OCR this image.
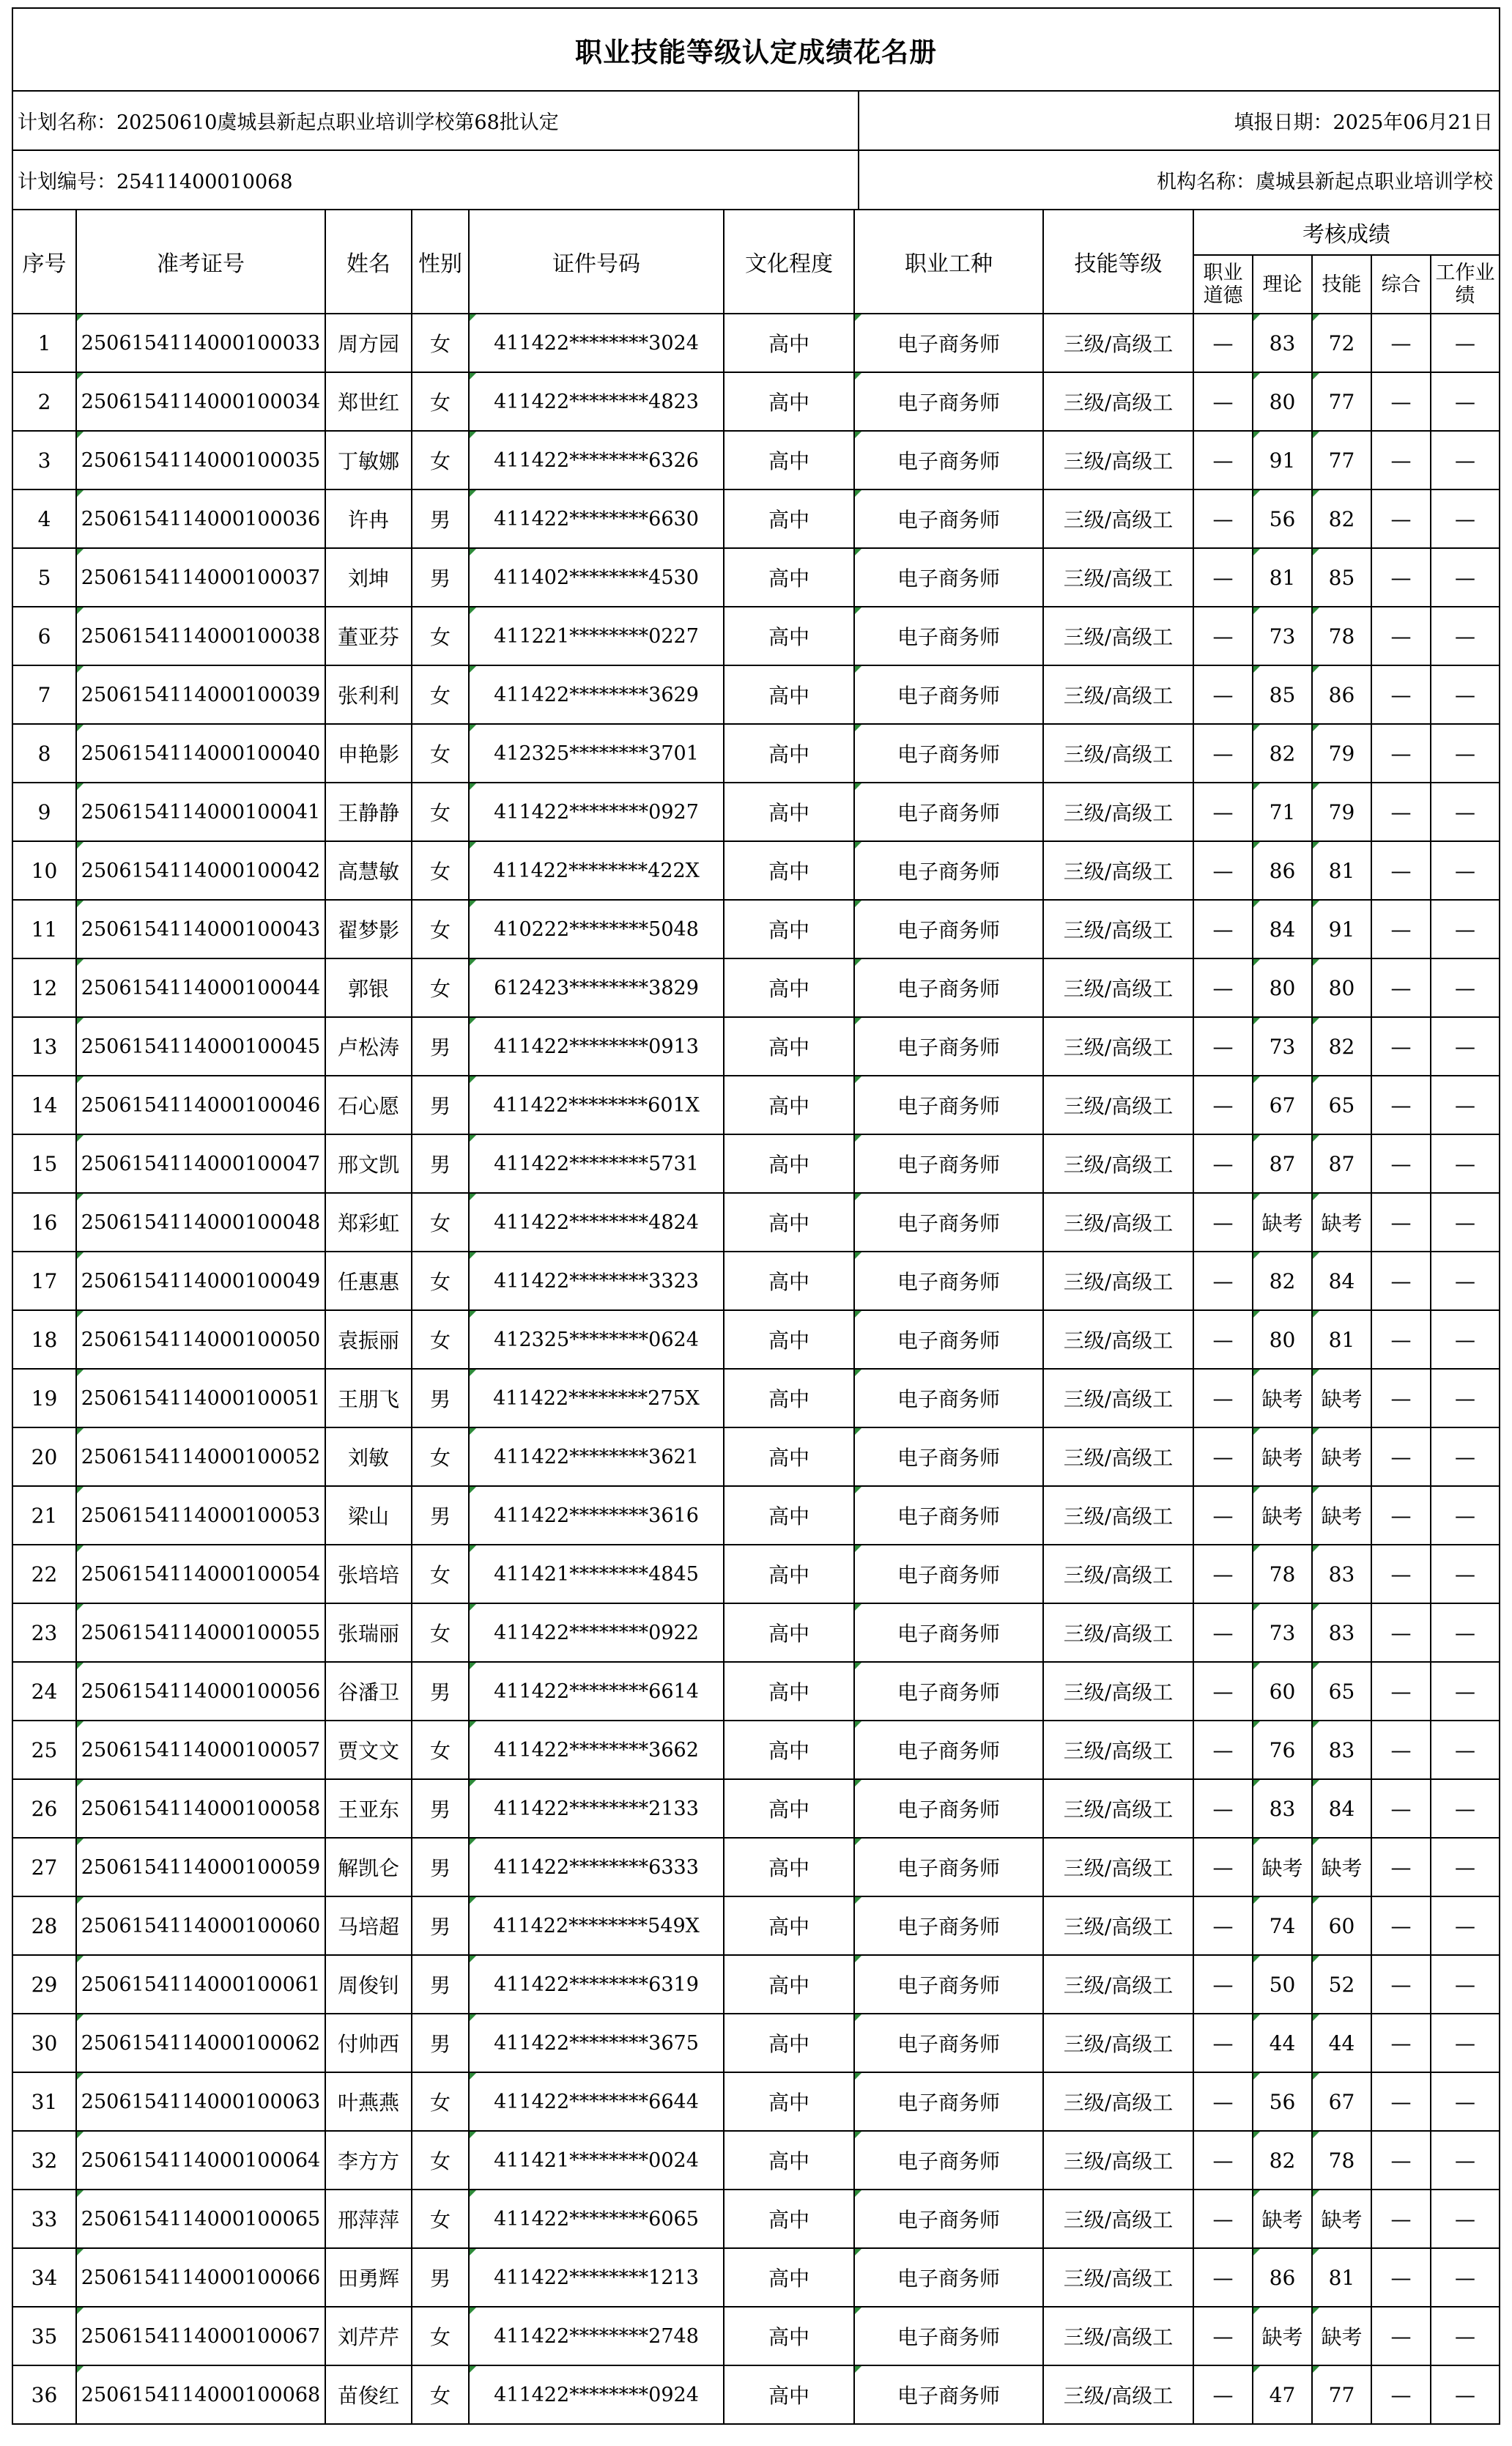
职业技能等级认定成绩花名册
计划名称：20250610虞城县新起点职业培训学校第68批认定	填报日期：2025年06月21日
计划编号：25411400010068	机构名称：虞城县新起点职业培训学校
序号	准考证号	姓名	性别	证件号码	文化程度	职业工种	技能等级	考核成绩				
								职业道德	理论	技能	综合	工作业绩
1	2506154114000100033	周方园	女	411422********3024	高中	电子商务师	三级/高级工	—	83	72	—	—
2	2506154114000100034	郑世红	女	411422********4823	高中	电子商务师	三级/高级工	—	80	77	—	—
3	2506154114000100035	丁敏娜	女	411422********6326	高中	电子商务师	三级/高级工	—	91	77	—	—
4	2506154114000100036	许冉	男	411422********6630	高中	电子商务师	三级/高级工	—	56	82	—	—
5	2506154114000100037	刘坤	男	411402********4530	高中	电子商务师	三级/高级工	—	81	85	—	—
6	2506154114000100038	董亚芬	女	411221********0227	高中	电子商务师	三级/高级工	—	73	78	—	—
7	2506154114000100039	张利利	女	411422********3629	高中	电子商务师	三级/高级工	—	85	86	—	—
8	2506154114000100040	申艳影	女	412325********3701	高中	电子商务师	三级/高级工	—	82	79	—	—
9	2506154114000100041	王静静	女	411422********0927	高中	电子商务师	三级/高级工	—	71	79	—	—
10	2506154114000100042	高慧敏	女	411422********422X	高中	电子商务师	三级/高级工	—	86	81	—	—
11	2506154114000100043	翟梦影	女	410222********5048	高中	电子商务师	三级/高级工	—	84	91	—	—
12	2506154114000100044	郭银	女	612423********3829	高中	电子商务师	三级/高级工	—	80	80	—	—
13	2506154114000100045	卢松涛	男	411422********0913	高中	电子商务师	三级/高级工	—	73	82	—	—
14	2506154114000100046	石心愿	男	411422********601X	高中	电子商务师	三级/高级工	—	67	65	—	—
15	2506154114000100047	邢文凯	男	411422********5731	高中	电子商务师	三级/高级工	—	87	87	—	—
16	2506154114000100048	郑彩虹	女	411422********4824	高中	电子商务师	三级/高级工	—	缺考	缺考	—	—
17	2506154114000100049	任惠惠	女	411422********3323	高中	电子商务师	三级/高级工	—	82	84	—	—
18	2506154114000100050	袁振丽	女	412325********0624	高中	电子商务师	三级/高级工	—	80	81	—	—
19	2506154114000100051	王朋飞	男	411422********275X	高中	电子商务师	三级/高级工	—	缺考	缺考	—	—
20	2506154114000100052	刘敏	女	411422********3621	高中	电子商务师	三级/高级工	—	缺考	缺考	—	—
21	2506154114000100053	梁山	男	411422********3616	高中	电子商务师	三级/高级工	—	缺考	缺考	—	—
22	2506154114000100054	张培培	女	411421********4845	高中	电子商务师	三级/高级工	—	78	83	—	—
23	2506154114000100055	张瑞丽	女	411422********0922	高中	电子商务师	三级/高级工	—	73	83	—	—
24	2506154114000100056	谷潘卫	男	411422********6614	高中	电子商务师	三级/高级工	—	60	65	—	—
25	2506154114000100057	贾文文	女	411422********3662	高中	电子商务师	三级/高级工	—	76	83	—	—
26	2506154114000100058	王亚东	男	411422********2133	高中	电子商务师	三级/高级工	—	83	84	—	—
27	2506154114000100059	解凯仑	男	411422********6333	高中	电子商务师	三级/高级工	—	缺考	缺考	—	—
28	2506154114000100060	马培超	男	411422********549X	高中	电子商务师	三级/高级工	—	74	60	—	—
29	2506154114000100061	周俊钊	男	411422********6319	高中	电子商务师	三级/高级工	—	50	52	—	—
30	2506154114000100062	付帅西	男	411422********3675	高中	电子商务师	三级/高级工	—	44	44	—	—
31	2506154114000100063	叶燕燕	女	411422********6644	高中	电子商务师	三级/高级工	—	56	67	—	—
32	2506154114000100064	李方方	女	411421********0024	高中	电子商务师	三级/高级工	—	82	78	—	—
33	2506154114000100065	邢萍萍	女	411422********6065	高中	电子商务师	三级/高级工	—	缺考	缺考	—	—
34	2506154114000100066	田勇辉	男	411422********1213	高中	电子商务师	三级/高级工	—	86	81	—	—
35	2506154114000100067	刘芹芹	女	411422********2748	高中	电子商务师	三级/高级工	—	缺考	缺考	—	—
36	2506154114000100068	苗俊红	女	411422********0924	高中	电子商务师	三级/高级工	—	47	77	—	—
